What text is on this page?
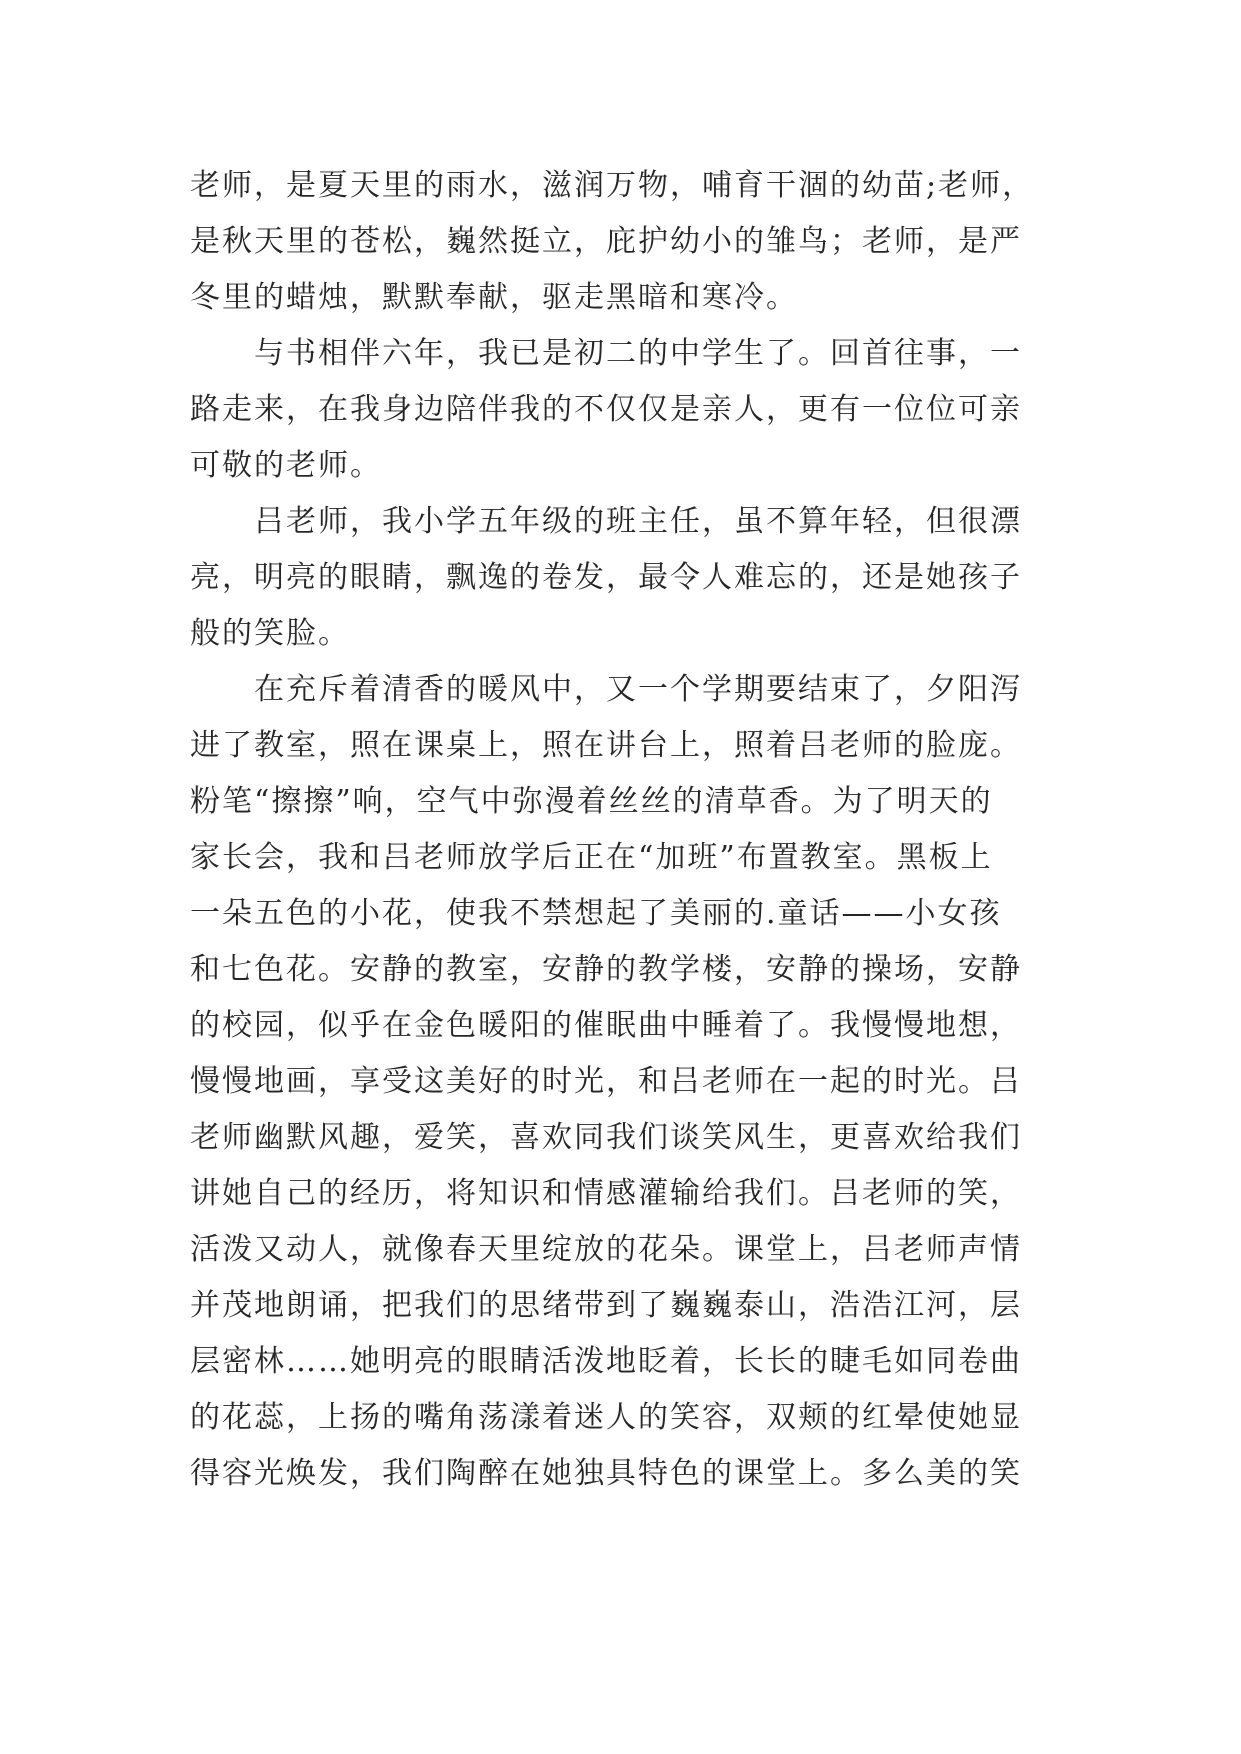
老师，是夏天里的雨水，滋润万物，哺育干涸的幼苗;老师，
是秋天里的苍松，巍然挺立，庇护幼小的雏鸟；老师，是严
冬里的蜡烛，默默奉献，驱走黑暗和寒冷。
　　与书相伴六年，我已是初二的中学生了。回首往事，一
路走来，在我身边陪伴我的不仅仅是亲人，更有一位位可亲
可敬的老师。
　　吕老师，我小学五年级的班主任，虽不算年轻，但很漂
亮，明亮的眼睛，飘逸的卷发，最令人难忘的，还是她孩子
般的笑脸。
　　在充斥着清香的暖风中，又一个学期要结束了，夕阳泻
进了教室，照在课桌上，照在讲台上，照着吕老师的脸庞。
粉笔“擦擦”响，空气中弥漫着丝丝的清草香。为了明天的
家长会，我和吕老师放学后正在“加班”布置教室。黑板上
一朵五色的小花，使我不禁想起了美丽的.童话——小女孩
和七色花。安静的教室，安静的教学楼，安静的操场，安静
的校园，似乎在金色暖阳的催眠曲中睡着了。我慢慢地想，
慢慢地画，享受这美好的时光，和吕老师在一起的时光。吕
老师幽默风趣，爱笑，喜欢同我们谈笑风生，更喜欢给我们
讲她自己的经历，将知识和情感灌输给我们。吕老师的笑，
活泼又动人，就像春天里绽放的花朵。课堂上，吕老师声情
并茂地朗诵，把我们的思绪带到了巍巍泰山，浩浩江河，层
层密林……她明亮的眼睛活泼地眨着，长长的睫毛如同卷曲
的花蕊，上扬的嘴角荡漾着迷人的笑容，双颊的红晕使她显
得容光焕发，我们陶醉在她独具特色的课堂上。多么美的笑
